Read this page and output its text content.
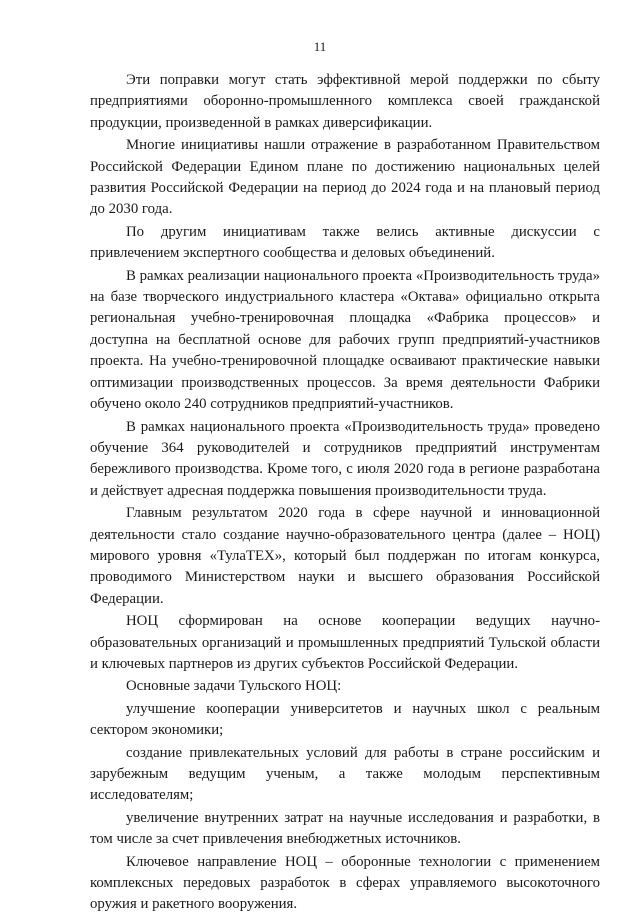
11

Эти поправки могут стать эффективной мерой поддержки по сбыту предприятиями оборонно-промышленного комплекса своей гражданской продукции, произведенной в рамках диверсификации.

Многие инициативы нашли отражение в разработанном Правительством Российской Федерации Едином плане по достижению национальных целей развития Российской Федерации на период до 2024 года и на плановый период до 2030 года.

По другим инициативам также велись активные дискуссии с привлечением экспертного сообщества и деловых объединений.

В рамках реализации национального проекта «Производительность труда» на базе творческого индустриального кластера «Октава» официально открыта региональная учебно-тренировочная площадка «Фабрика процессов» и доступна на бесплатной основе для рабочих групп предприятий-участников проекта. На учебно-тренировочной площадке осваивают практические навыки оптимизации производственных процессов. За время деятельности Фабрики обучено около 240 сотрудников предприятий-участников.

В рамках национального проекта «Производительность труда» проведено обучение 364 руководителей и сотрудников предприятий инструментам бережливого производства. Кроме того, с июля 2020 года в регионе разработана и действует адресная поддержка повышения производительности труда.

Главным результатом 2020 года в сфере научной и инновационной деятельности стало создание научно-образовательного центра (далее – НОЦ) мирового уровня «ТулаТЕХ», который был поддержан по итогам конкурса, проводимого Министерством науки и высшего образования Российской Федерации.

НОЦ сформирован на основе кооперации ведущих научно-образовательных организаций и промышленных предприятий Тульской области и ключевых партнеров из других субъектов Российской Федерации.

Основные задачи Тульского НОЦ:

улучшение кооперации университетов и научных школ с реальным сектором экономики;

создание привлекательных условий для работы в стране российским и зарубежным ведущим ученым, а также молодым перспективным исследователям;

увеличение внутренних затрат на научные исследования и разработки, в том числе за счет привлечения внебюджетных источников.

Ключевое направление НОЦ – оборонные технологии с применением комплексных передовых разработок в сферах управляемого высокоточного оружия и ракетного вооружения.
